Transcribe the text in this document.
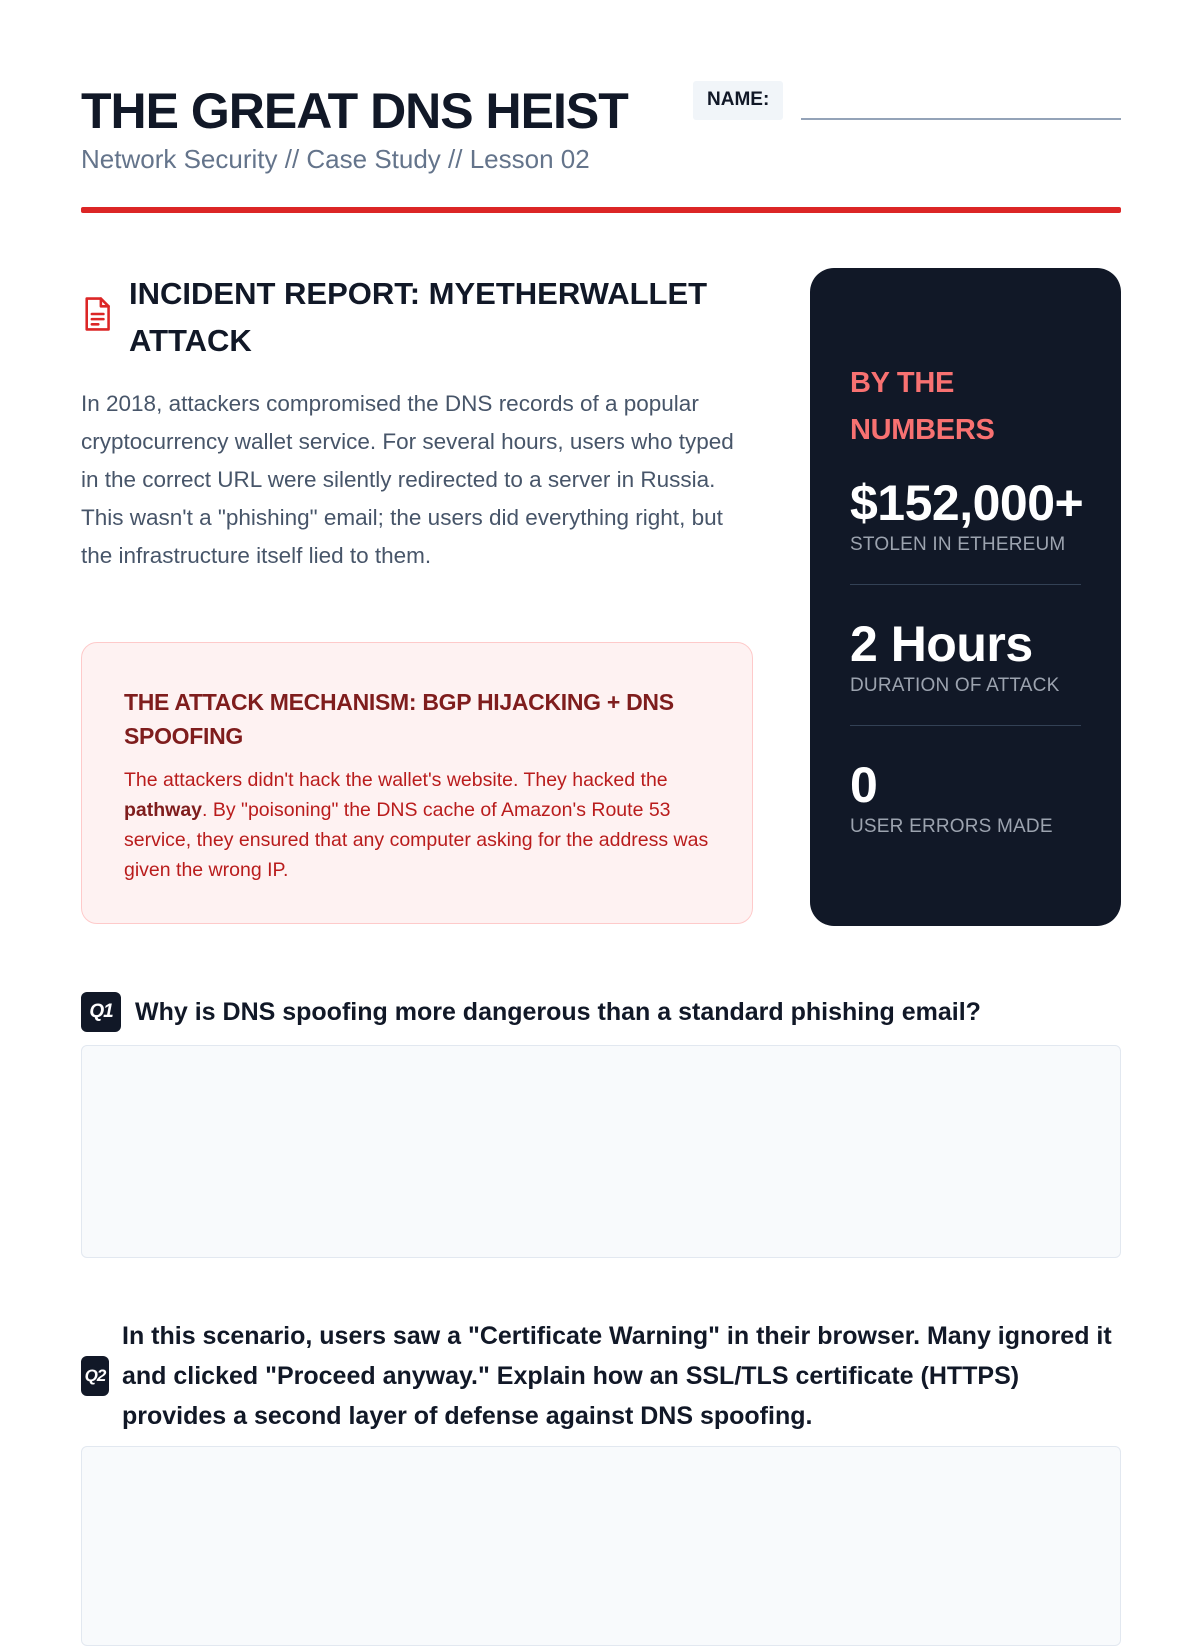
THE GREAT DNS HEIST
Network Security // Case Study // Lesson 02
NAME:
INCIDENT REPORT: MYETHERWALLET ATTACK

In 2018, attackers compromised the DNS records of a popular cryptocurrency wallet service. For several hours, users who typed in the correct URL were silently redirected to a server in Russia. This wasn't a "phishing" email; the users did everything right, but the infrastructure itself lied to them.

THE ATTACK MECHANISM: BGP HIJACKING + DNS SPOOFING

The attackers didn't hack the wallet's website. They hacked the pathway. By "poisoning" the DNS cache of Amazon's Route 53 service, they ensured that any computer asking for the address was given the wrong IP.

BY THE NUMBERS
$152,000+
STOLEN IN ETHEREUM
2 Hours
DURATION OF ATTACK
0
USER ERRORS MADE
Q1 Why is DNS spoofing more dangerous than a standard phishing email?

Q2

In this scenario, users saw a "Certificate Warning" in their browser. Many ignored it and clicked "Proceed anyway." Explain how an SSL/TLS certificate (HTTPS) provides a second layer of defense against DNS spoofing.
